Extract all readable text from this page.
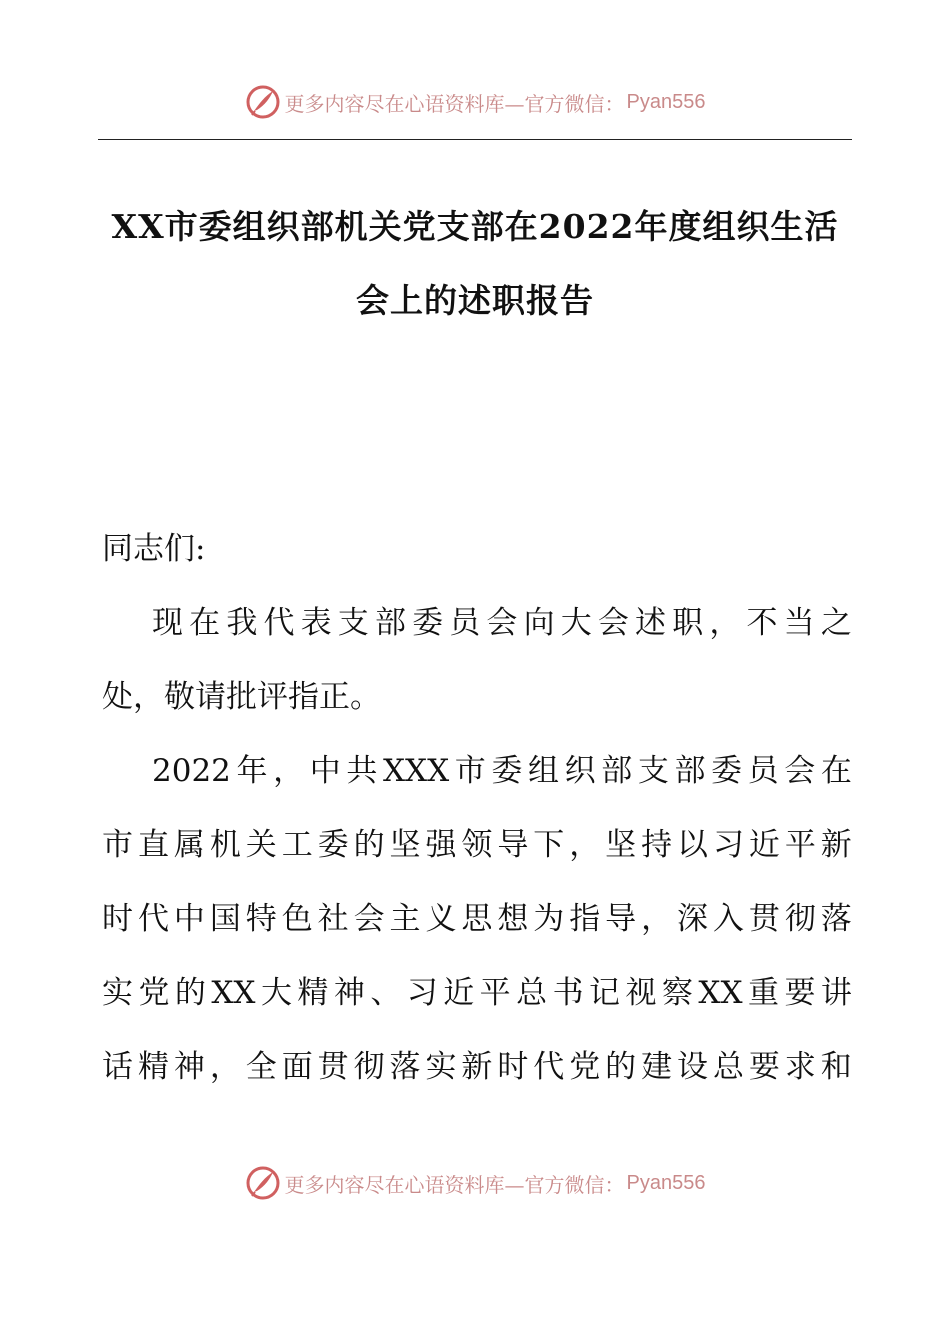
更多内容尽在心语资料库—官方微信： Pyan556
XX市委组织部机关党支部在2022年度组织生活
会上的述职报告
同志们:
现 在 我 代 表 支 部 委 员 会 向 大 会 述 职 ， 不 当 之
处，敬请批评指正。
2022 年 ， 中 共 XXX 市 委 组 织 部 支 部 委 员 会 在
市 直 属 机 关 工 委 的 坚 强 领 导 下 ， 坚 持 以 习 近 平 新
时 代 中 国 特 色 社 会 主 义 思 想 为 指 导 ， 深 入 贯 彻 落
实 党 的 XX 大 精 神 、 习 近 平 总 书 记 视 察 XX 重 要 讲
话 精 神 ， 全 面 贯 彻 落 实 新 时 代 党 的 建 设 总 要 求 和
更多内容尽在心语资料库—官方微信： Pyan556
